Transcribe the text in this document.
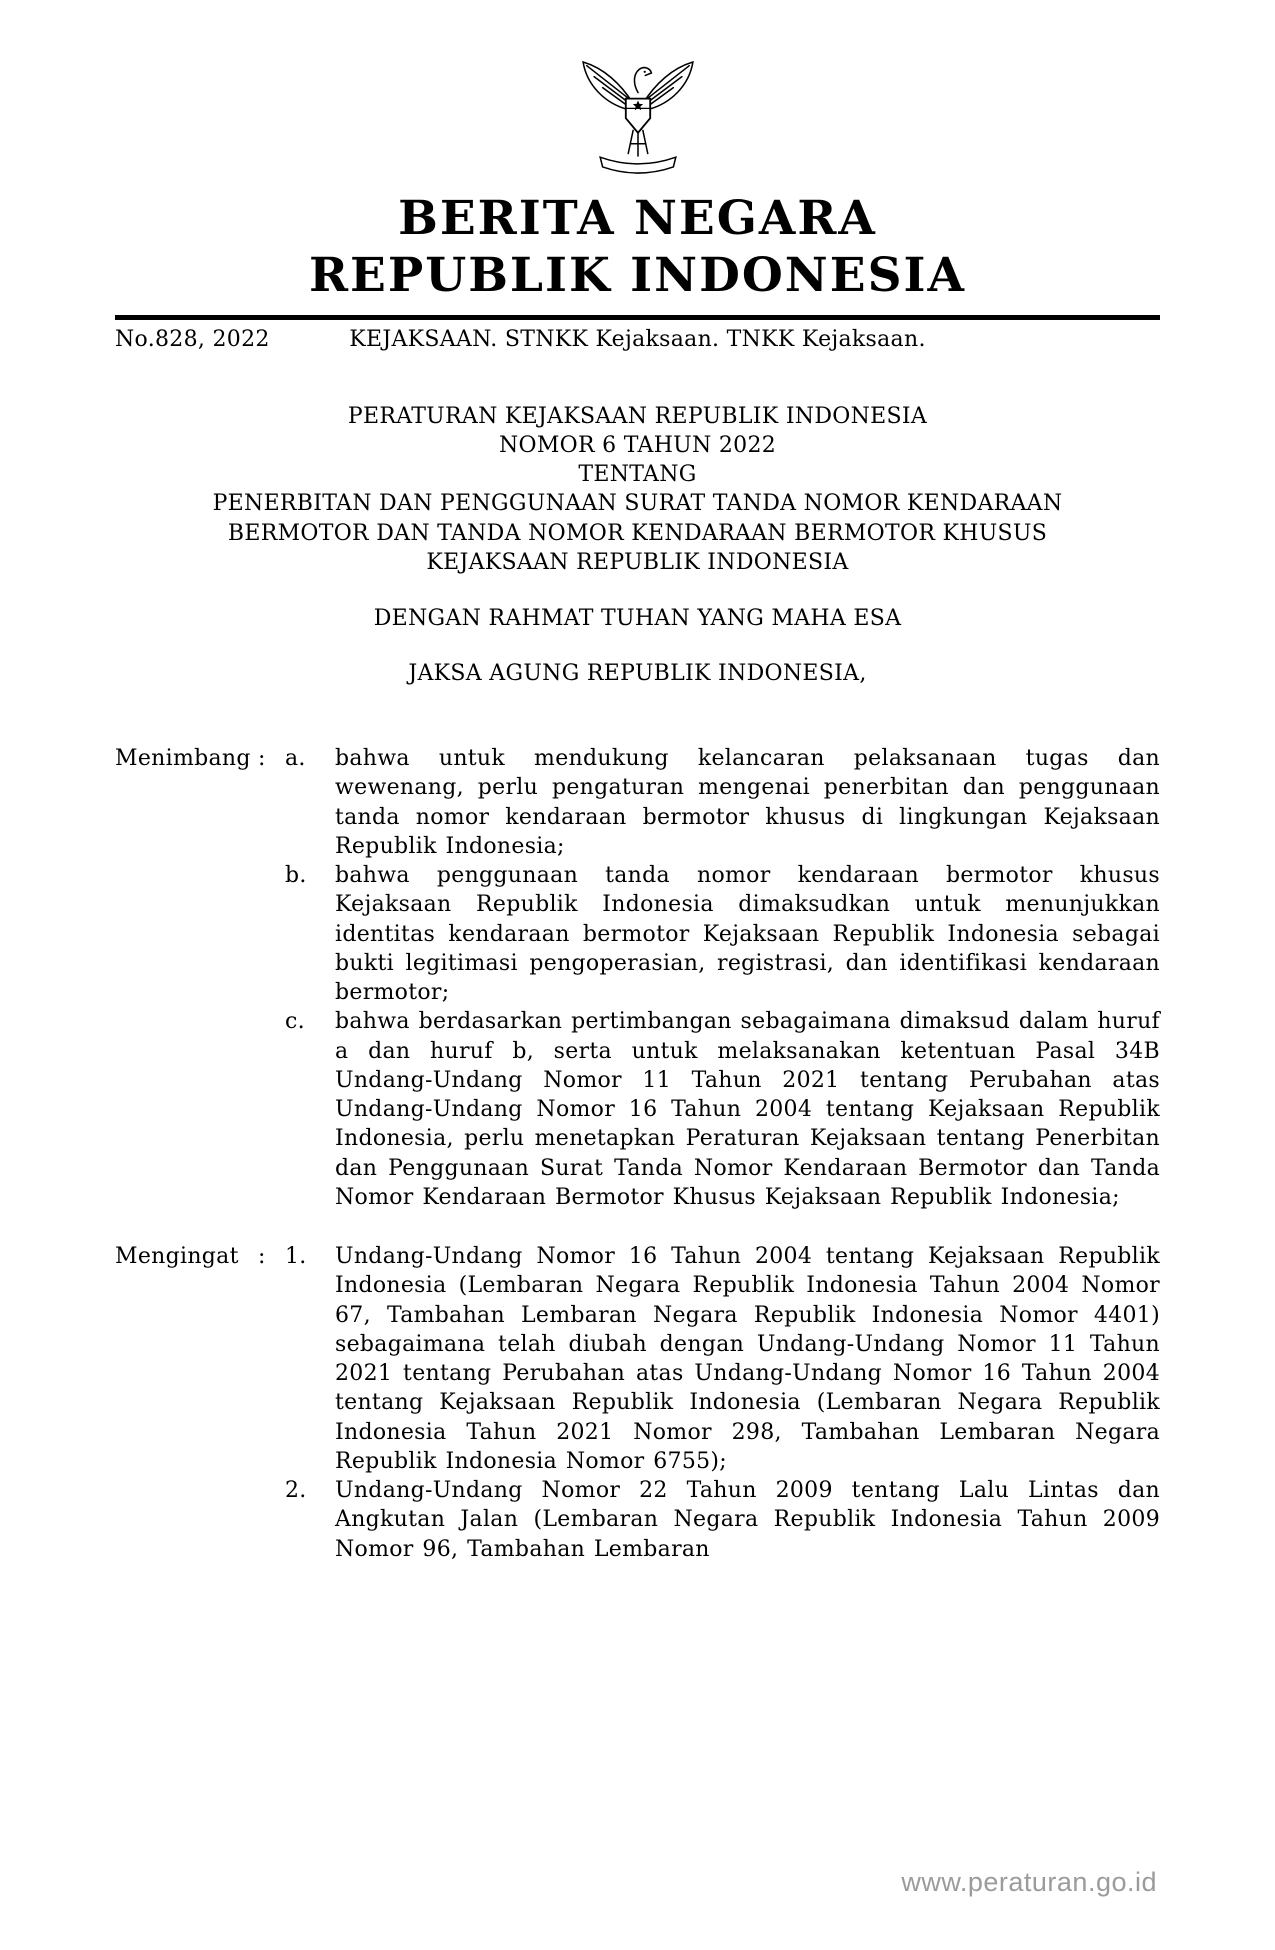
BERITA NEGARA
REPUBLIK INDONESIA
No.828, 2022	KEJAKSAAN. STNKK Kejaksaan. TNKK Kejaksaan.
PERATURAN KEJAKSAAN REPUBLIK INDONESIA
NOMOR 6 TAHUN 2022
TENTANG
PENERBITAN DAN PENGGUNAAN SURAT TANDA NOMOR KENDARAAN
BERMOTOR DAN TANDA NOMOR KENDARAAN BERMOTOR KHUSUS
KEJAKSAAN REPUBLIK INDONESIA
DENGAN RAHMAT TUHAN YANG MAHA ESA
JAKSA AGUNG REPUBLIK INDONESIA,
Menimbang : a.	bahwa untuk mendukung kelancaran pelaksanaan tugas dan wewenang, perlu pengaturan mengenai penerbitan dan penggunaan tanda nomor kendaraan bermotor khusus di lingkungan Kejaksaan Republik Indonesia;
b.	bahwa penggunaan tanda nomor kendaraan bermotor khusus Kejaksaan Republik Indonesia dimaksudkan untuk menunjukkan identitas kendaraan bermotor Kejaksaan Republik Indonesia sebagai bukti legitimasi pengoperasian, registrasi, dan identifikasi kendaraan bermotor;
c.	bahwa berdasarkan pertimbangan sebagaimana dimaksud dalam huruf a dan huruf b, serta untuk melaksanakan ketentuan Pasal 34B Undang-Undang Nomor 11 Tahun 2021 tentang Perubahan atas Undang-Undang Nomor 16 Tahun 2004 tentang Kejaksaan Republik Indonesia, perlu menetapkan Peraturan Kejaksaan tentang Penerbitan dan Penggunaan Surat Tanda Nomor Kendaraan Bermotor dan Tanda Nomor Kendaraan Bermotor Khusus Kejaksaan Republik Indonesia;
Mengingat : 1.	Undang-Undang Nomor 16 Tahun 2004 tentang Kejaksaan Republik Indonesia (Lembaran Negara Republik Indonesia Tahun 2004 Nomor 67, Tambahan Lembaran Negara Republik Indonesia Nomor 4401) sebagaimana telah diubah dengan Undang-Undang Nomor 11 Tahun 2021 tentang Perubahan atas Undang-Undang Nomor 16 Tahun 2004 tentang Kejaksaan Republik Indonesia (Lembaran Negara Republik Indonesia Tahun 2021 Nomor 298, Tambahan Lembaran Negara Republik Indonesia Nomor 6755);
2.	Undang-Undang Nomor 22 Tahun 2009 tentang Lalu Lintas dan Angkutan Jalan (Lembaran Negara Republik Indonesia Tahun 2009 Nomor 96, Tambahan Lembaran
www.peraturan.go.id
